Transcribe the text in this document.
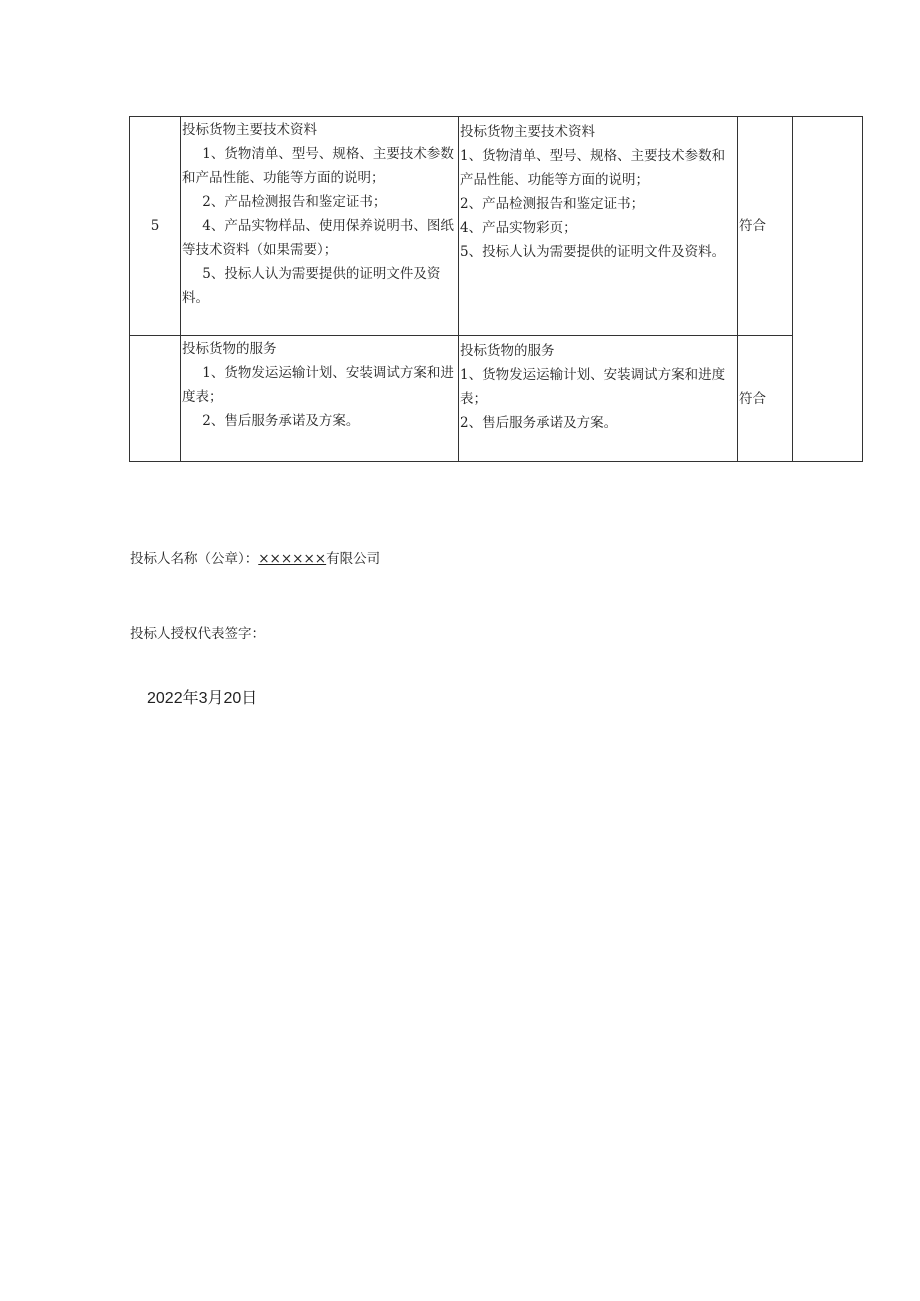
5	投标货物主要技术资料
1、货物清单、型号、规格、主要技术参数和产品性能、功能等方面的说明；
2、产品检测报告和鉴定证书；
4、产品实物样品、使用保养说明书、图纸等技术资料（如果需要）；
5、投标人认为需要提供的证明文件及资料。	投标货物主要技术资料
1、货物清单、型号、规格、主要技术参数和产品性能、功能等方面的说明；
2、产品检测报告和鉴定证书；
4、产品实物彩页；
5、投标人认为需要提供的证明文件及资料。	符合	

	投标货物的服务
1、货物发运运输计划、安装调试方案和进度表；
2、售后服务承诺及方案。	投标货物的服务
1、货物发运运输计划、安装调试方案和进度表；
2、售后服务承诺及方案。	符合	
投标人名称（公章）：××××××有限公司
投标人授权代表签字：
2022年3月20日
